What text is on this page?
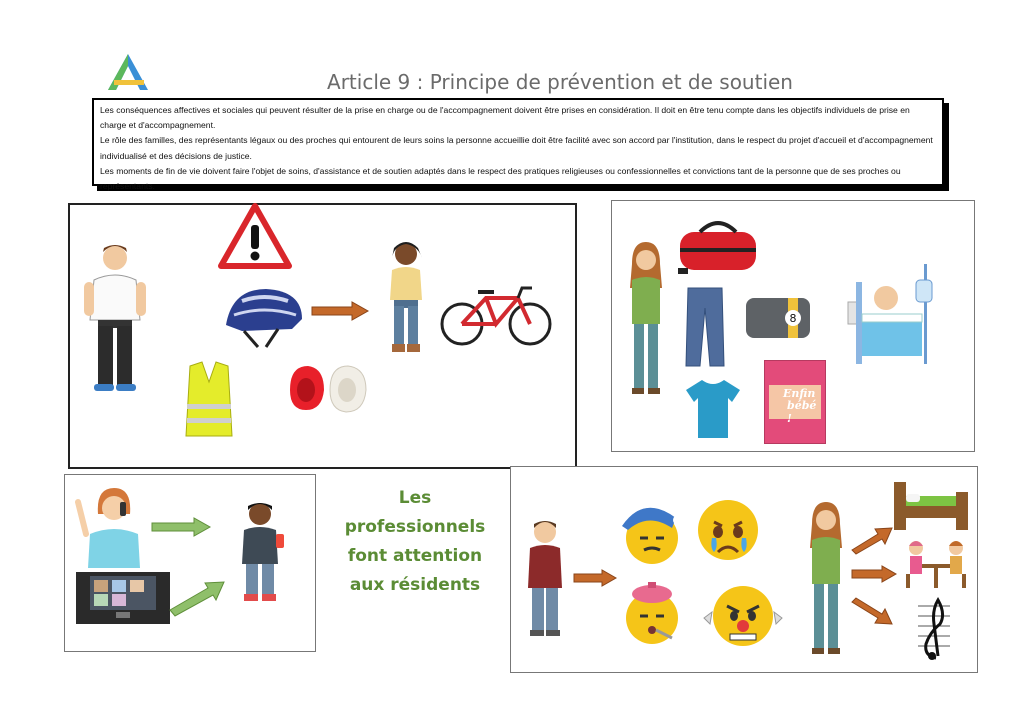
Article 9 : Principe de prévention et de soutien

Les conséquences affectives et sociales qui peuvent résulter de la prise en charge ou de l'accompagnement doivent être prises en considération. Il doit en être tenu compte dans les objectifs individuels de prise en charge et d'accompagnement.

Le rôle des familles, des représentants légaux ou des proches qui entourent de leurs soins la personne accueillie doit être facilité avec son accord par l'institution, dans le respect du projet d'accueil et d'accompagnement individualisé et des décisions de justice.

Les moments de fin de vie doivent faire l'objet de soins, d'assistance et de soutien adaptés dans le respect des pratiques religieuses ou confessionnelles et convictions tant de la personne que de ses proches ou représentants.

8
Enfin
bébé !
Les
professionnels
font attention
aux résidents
